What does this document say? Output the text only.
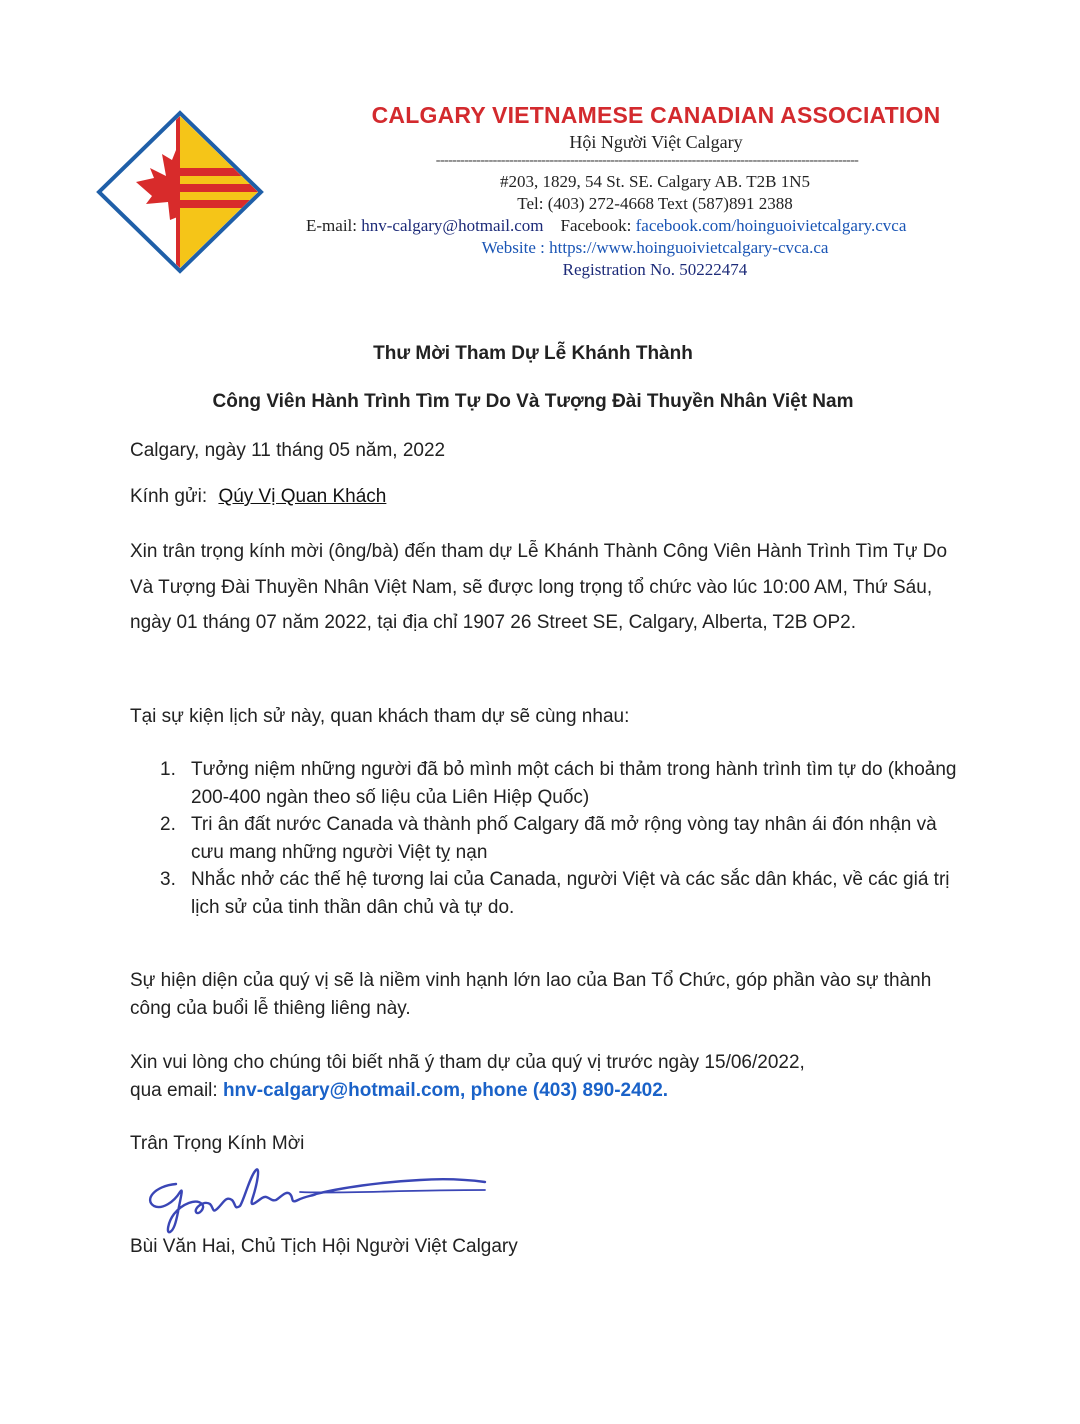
CALGARY VIETNAMESE CANADIAN ASSOCIATION
Hội Người Việt Calgary
--------------------------------------------------------------------------------------------------------
#203, 1829, 54 St. SE. Calgary AB. T2B 1N5
Tel: (403) 272-4668 Text (587)891 2388
E-mail: hnv-calgary@hotmail.com Facebook: facebook.com/hoinguoivietcalgary.cvca
Website : https://www.hoinguoivietcalgary-cvca.ca
Registration No. 50222474
Thư Mời Tham Dự Lễ Khánh Thành
Công Viên Hành Trình Tìm Tự Do Và Tượng Đài Thuyền Nhân Việt Nam
Calgary, ngày 11 tháng 05 năm, 2022
Kính gửi: Qúy Vị Quan Khách
Xin trân trọng kính mời (ông/bà) đến tham dự Lễ Khánh Thành Công Viên Hành Trình Tìm Tự Do Và Tượng Đài Thuyền Nhân Việt Nam, sẽ được long trọng tổ chức vào lúc 10:00 AM, Thứ Sáu, ngày 01 tháng 07 năm 2022, tại địa chỉ 1907 26 Street SE, Calgary, Alberta, T2B OP2.
Tại sự kiện lịch sử này, quan khách tham dự sẽ cùng nhau:
1. Tưởng niệm những người đã bỏ mình một cách bi thảm trong hành trình tìm tự do (khoảng 200-400 ngàn theo số liệu của Liên Hiệp Quốc)
2. Tri ân đất nước Canada và thành phố Calgary đã mở rộng vòng tay nhân ái đón nhận và cưu mang những người Việt tỵ nạn
3. Nhắc nhở các thế hệ tương lai của Canada, người Việt và các sắc dân khác, về các giá trị lịch sử của tinh thần dân chủ và tự do.
Sự hiện diện của quý vị sẽ là niềm vinh hạnh lớn lao của Ban Tổ Chức, góp phần vào sự thành công của buổi lễ thiêng liêng này.
Xin vui lòng cho chúng tôi biết nhã ý tham dự của quý vị trước ngày 15/06/2022,
qua email: hnv-calgary@hotmail.com, phone (403) 890-2402.
Trân Trọng Kính Mời
Bùi Văn Hai, Chủ Tịch Hội Người Việt Calgary
